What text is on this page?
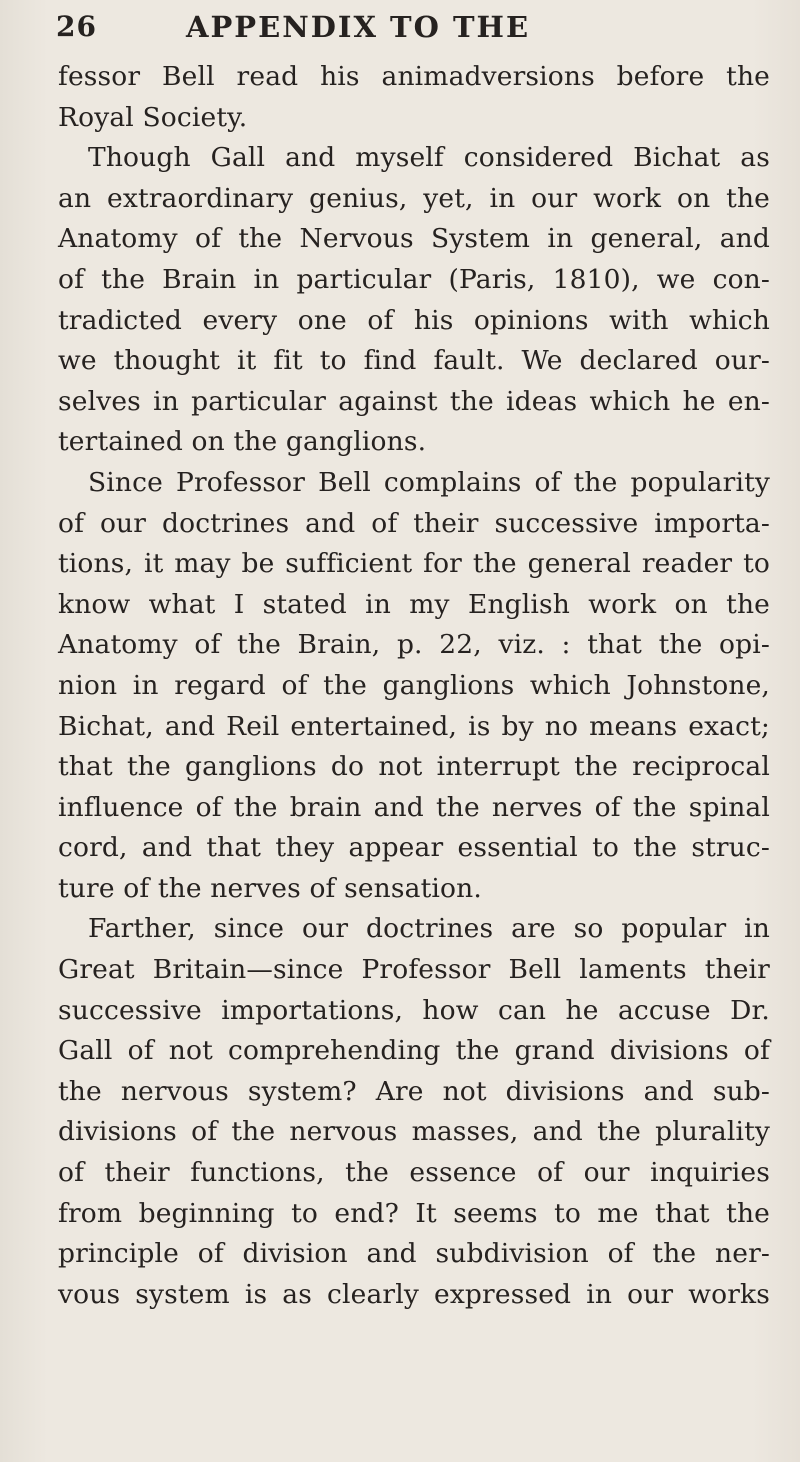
26	APPENDIX TO THE
fessor Bell read his animadversions before the
Royal Society.
Though Gall and myself considered Bichat as
an extraordinary genius, yet, in our work on the
Anatomy of the Nervous System in general, and
of the Brain in particular (Paris, 1810), we con-
tradicted every one of his opinions with which
we thought it fit to find fault. We declared our-
selves in particular against the ideas which he en-
tertained on the ganglions.
Since Professor Bell complains of the popularity
of our doctrines and of their successive importa-
tions, it may be sufficient for the general reader to
know what I stated in my English work on the
Anatomy of the Brain, p. 22, viz. : that the opi-
nion in regard of the ganglions which Johnstone,
Bichat, and Reil entertained, is by no means exact;
that the ganglions do not interrupt the reciprocal
influence of the brain and the nerves of the spinal
cord, and that they appear essential to the struc-
ture of the nerves of sensation.
Farther, since our doctrines are so popular in
Great Britain—since Professor Bell laments their
successive importations, how can he accuse Dr.
Gall of not comprehending the grand divisions of
the nervous system? Are not divisions and sub-
divisions of the nervous masses, and the plurality
of their functions, the essence of our inquiries
from beginning to end? It seems to me that the
principle of division and subdivision of the ner-
vous system is as clearly expressed in our works
